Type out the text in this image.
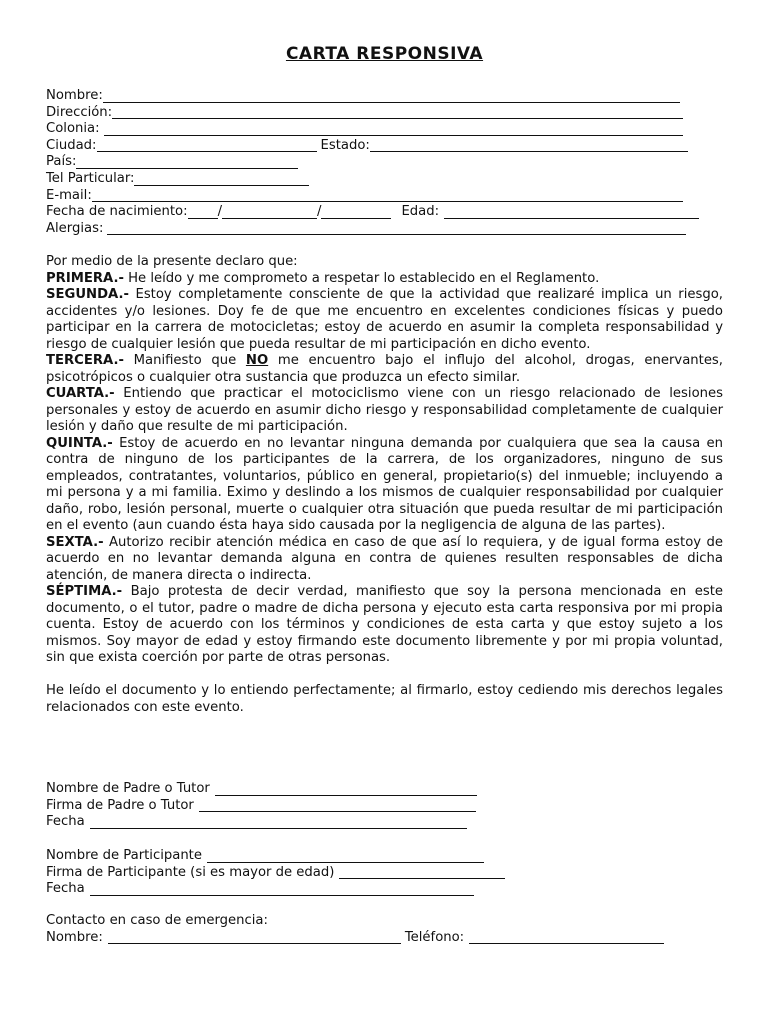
CARTA RESPONSIVA
Nombre:
Dirección:
Colonia:
Ciudad:	Estado:
País:
Tel Particular:
E-mail:
Fecha de nacimiento: /	/	Edad:
Alergias:
Por medio de la presente declaro que:
PRIMERA.- He leído y me comprometo a respetar lo establecido en el Reglamento.
SEGUNDA.- Estoy completamente consciente de que la actividad que realizaré implica un riesgo, accidentes y/o lesiones. Doy fe de que me encuentro en excelentes condiciones físicas y puedo participar en la carrera de motocicletas; estoy de acuerdo en asumir la completa responsabilidad y riesgo de cualquier lesión que pueda resultar de mi participación en dicho evento.
TERCERA.- Manifiesto que NO me encuentro bajo el influjo del alcohol, drogas, enervantes, psicotrópicos o cualquier otra sustancia que produzca un efecto similar.
CUARTA.- Entiendo que practicar el motociclismo viene con un riesgo relacionado de lesiones personales y estoy de acuerdo en asumir dicho riesgo y responsabilidad completamente de cualquier lesión y daño que resulte de mi participación.
QUINTA.- Estoy de acuerdo en no levantar ninguna demanda por cualquiera que sea la causa en contra de ninguno de los participantes de la carrera, de los organizadores, ninguno de sus empleados, contratantes, voluntarios, público en general, propietario(s) del inmueble; incluyendo a mi persona y a mi familia. Eximo y deslindo a los mismos de cualquier responsabilidad por cualquier daño, robo, lesión personal, muerte o cualquier otra situación que pueda resultar de mi participación en el evento (aun cuando ésta haya sido causada por la negligencia de alguna de las partes).
SEXTA.- Autorizo recibir atención médica en caso de que así lo requiera, y de igual forma estoy de acuerdo en no levantar demanda alguna en contra de quienes resulten responsables de dicha atención, de manera directa o indirecta.
SÉPTIMA.- Bajo protesta de decir verdad, manifiesto que soy la persona mencionada en este documento, o el tutor, padre o madre de dicha persona y ejecuto esta carta responsiva por mi propia cuenta. Estoy de acuerdo con los términos y condiciones de esta carta y que estoy sujeto a los mismos. Soy mayor de edad y estoy firmando este documento libremente y por mi propia voluntad, sin que exista coerción por parte de otras personas.
He leído el documento y lo entiendo perfectamente; al firmarlo, estoy cediendo mis derechos legales relacionados con este evento.
Nombre de Padre o Tutor
Firma de Padre o Tutor
Fecha
Nombre de Participante
Firma de Participante (si es mayor de edad)
Fecha
Contacto en caso de emergencia:
Nombre:	Teléfono:
